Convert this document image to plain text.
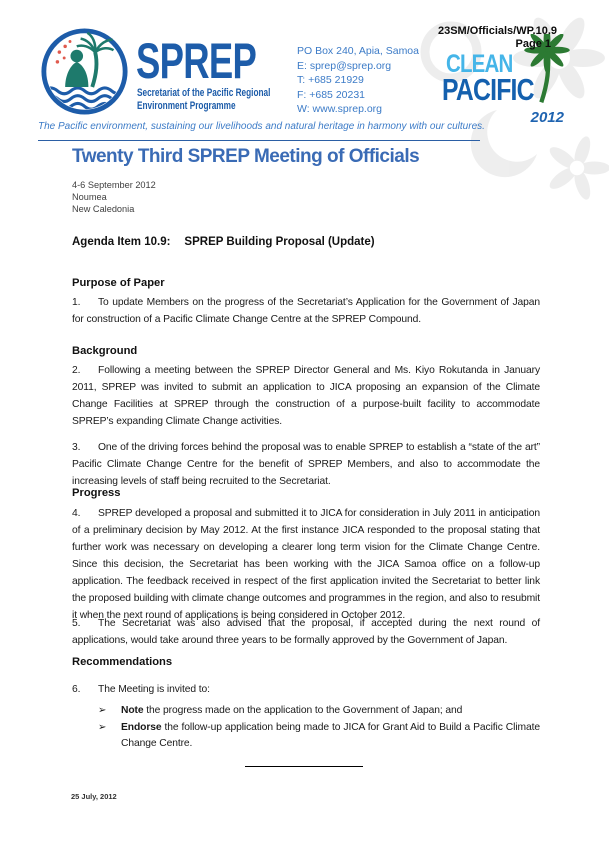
SPREP
Secretariat of the Pacific Regional
Environment Programme
PO Box 240, Apia, Samoa
E: sprep@sprep.org
T: +685 21929
F: +685 20231
W: www.sprep.org
23SM/Officials/WP.10.9
Page 1
CLEAN
PACIFIC
2012
The Pacific environment, sustaining our livelihoods and natural heritage in harmony with our cultures.
Twenty Third SPREP Meeting of Officials
4-6 September 2012
Noumea
New Caledonia
Agenda Item 10.9: SPREP Building Proposal (Update)
Purpose of Paper
1. To update Members on the progress of the Secretariat’s Application for the Government of Japan for construction of a Pacific Climate Change Centre at the SPREP Compound.
Background
2. Following a meeting between the SPREP Director General and Ms. Kiyo Rokutanda in January 2011, SPREP was invited to submit an application to JICA proposing an expansion of the Climate Change Facilities at SPREP through the construction of a purpose-built facility to accommodate SPREP’s expanding Climate Change activities.
3. One of the driving forces behind the proposal was to enable SPREP to establish a “state of the art” Pacific Climate Change Centre for the benefit of SPREP Members, and also to accommodate the increasing levels of staff being recruited to the Secretariat.
Progress
4. SPREP developed a proposal and submitted it to JICA for consideration in July 2011 in anticipation of a preliminary decision by May 2012. At the first instance JICA responded to the proposal stating that further work was necessary on developing a clearer long term vision for the Climate Change Centre. Since this decision, the Secretariat has been working with the JICA Samoa office on a follow-up application. The feedback received in respect of the first application invited the Secretariat to better link the proposed building with climate change outcomes and programmes in the region, and also to resubmit it when the next round of applications is being considered in October 2012.
5. The Secretariat was also advised that the proposal, if accepted during the next round of applications, would take around three years to be formally approved by the Government of Japan.
Recommendations
6. The Meeting is invited to:
➢ Note the progress made on the application to the Government of Japan; and
➢ Endorse the follow-up application being made to JICA for Grant Aid to Build a Pacific Climate Change Centre.
25 July, 2012
